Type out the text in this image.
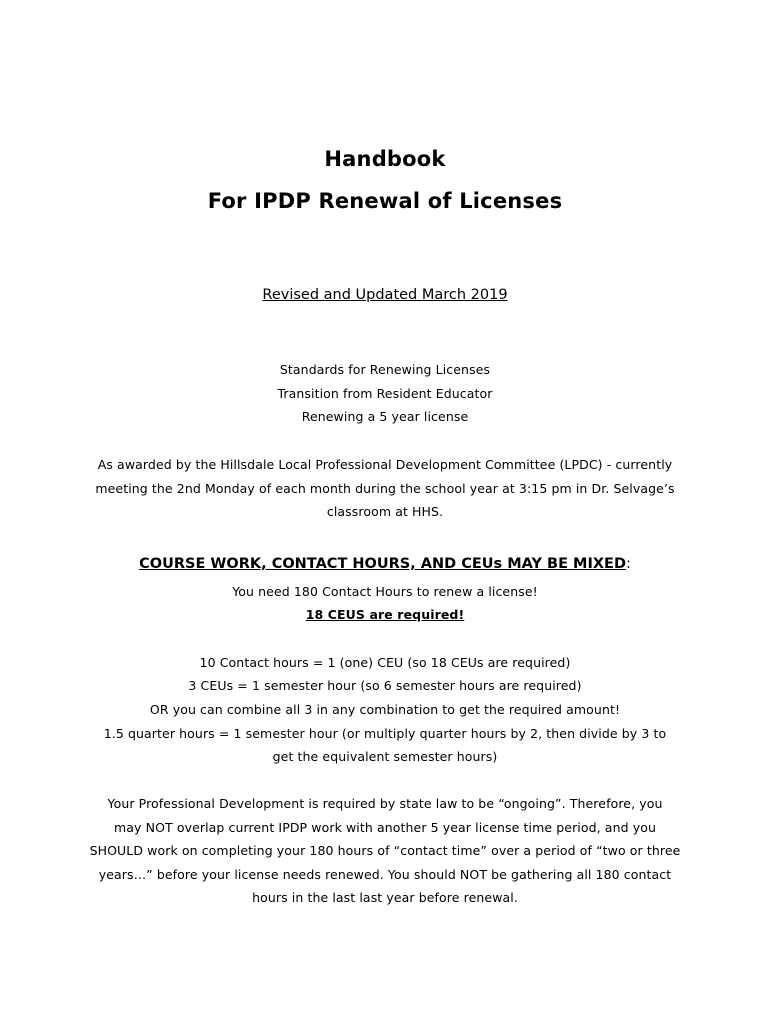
Handbook
For IPDP Renewal of Licenses
Revised and Updated March 2019
Standards for Renewing Licenses
Transition from Resident Educator
Renewing a 5 year license
As awarded by the Hillsdale Local Professional Development Committee (LPDC) - currently
meeting the 2nd Monday of each month during the school year at 3:15 pm in Dr. Selvage’s
classroom at HHS.
COURSE WORK, CONTACT HOURS, AND CEUs MAY BE MIXED:
You need 180 Contact Hours to renew a license!
18 CEUS are required!
10 Contact hours = 1 (one) CEU (so 18 CEUs are required)
3 CEUs = 1 semester hour (so 6 semester hours are required)
OR you can combine all 3 in any combination to get the required amount!
1.5 quarter hours = 1 semester hour (or multiply quarter hours by 2, then divide by 3 to
get the equivalent semester hours)
Your Professional Development is required by state law to be “ongoing”. Therefore, you
may NOT overlap current IPDP work with another 5 year license time period, and you
SHOULD work on completing your 180 hours of “contact time” over a period of “two or three
years…” before your license needs renewed. You should NOT be gathering all 180 contact
hours in the last last year before renewal.
